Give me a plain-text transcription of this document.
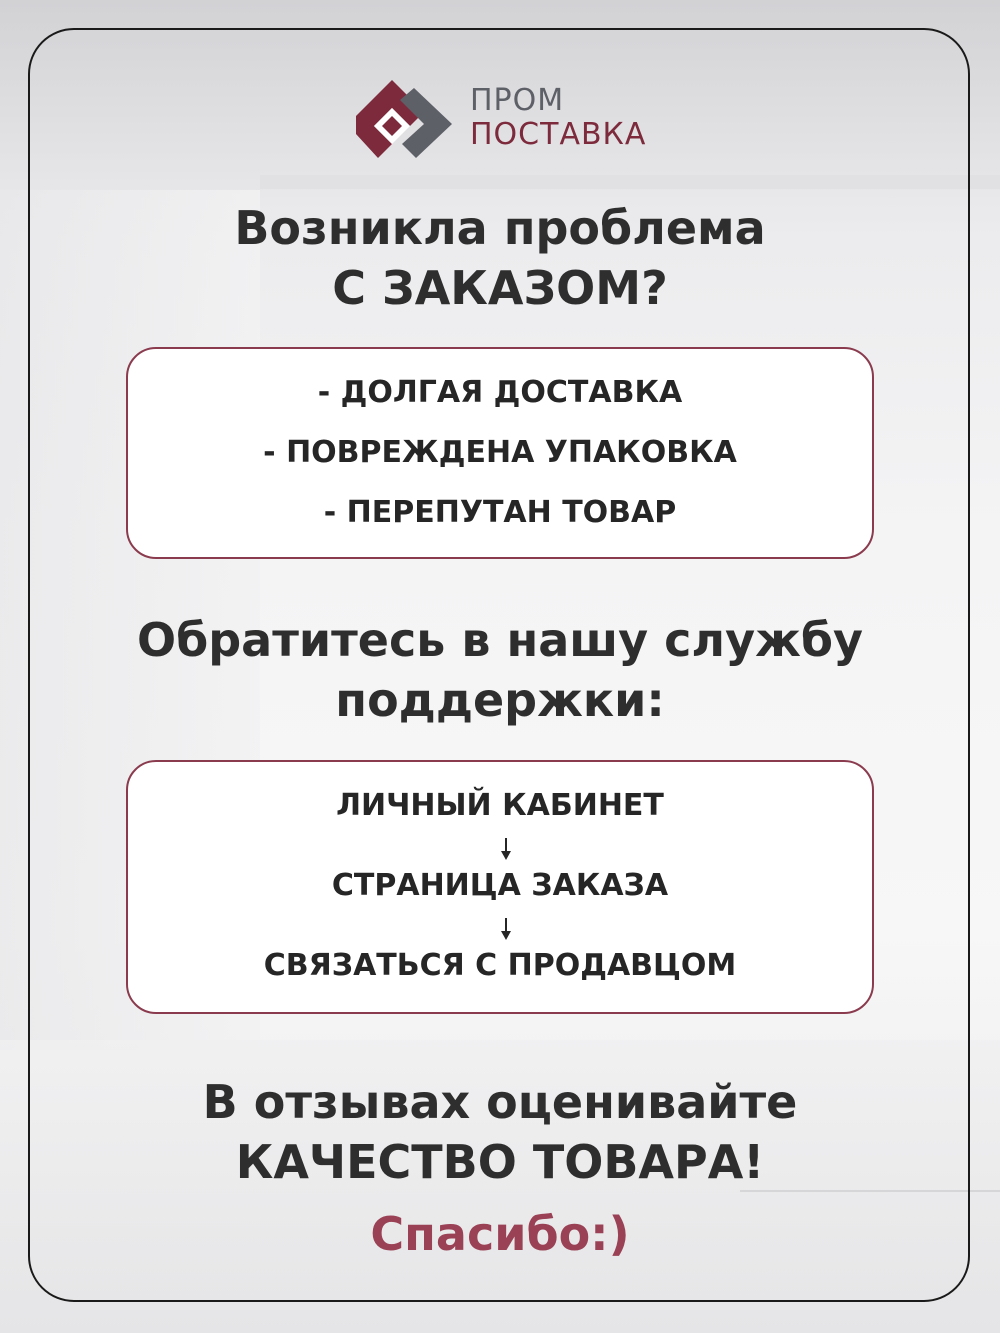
ПРОМ
ПОСТАВКА
Возникла проблема
С ЗАКАЗОМ?
- ДОЛГАЯ ДОСТАВКА
- ПОВРЕЖДЕНА УПАКОВКА
- ПЕРЕПУТАН ТОВАР
Обратитесь в нашу службу
поддержки:
ЛИЧНЫЙ КАБИНЕТ
СТРАНИЦА ЗАКАЗА
СВЯЗАТЬСЯ С ПРОДАВЦОМ
В отзывах оценивайте
КАЧЕСТВО ТОВАРА!
Спасибо:)
